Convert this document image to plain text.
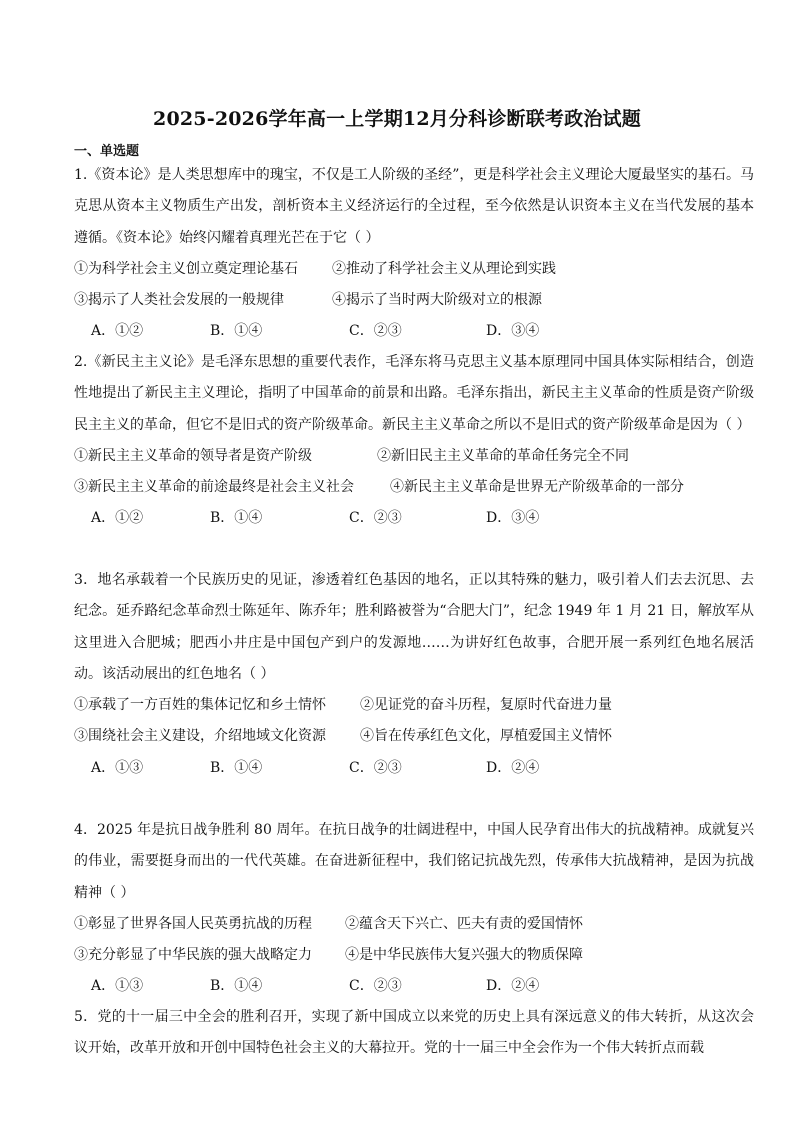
2025-2026学年高一上学期12月分科诊断联考政治试题
一、单选题

1.《资本论》是人类思想库中的瑰宝，不仅是工人阶级的圣经”，更是科学社会主义理论大厦最坚实的基石。马克思从资本主义物质生产出发，剖析资本主义经济运行的全过程，至今依然是认识资本主义在当代发展的基本遵循。《资本论》始终闪耀着真理光芒在于它（ ）

①为科学社会主义创立奠定理论基石 ②推动了科学社会主义从理论到实践
③揭示了人类社会发展的一般规律	④揭示了当时两大阶级对立的根源
A．①②	B．①④	C．②③	D．③④

2.《新民主主义论》是毛泽东思想的重要代表作，毛泽东将马克思主义基本原理同中国具体实际相结合，创造性地提出了新民主主义理论，指明了中国革命的前景和出路。毛泽东指出，新民主主义革命的性质是资产阶级民主主义的革命，但它不是旧式的资产阶级革命。新民主主义革命之所以不是旧式的资产阶级革命是因为（ ）

①新民主主义革命的领导者是资产阶级	②新旧民主主义革命的革命任务完全不同
③新民主主义革命的前途最终是社会主义社会	④新民主主义革命是世界无产阶级革命的一部分
A．①②	B．①④	C．②③	D．③④

3．地名承载着一个民族历史的见证，渗透着红色基因的地名，正以其特殊的魅力，吸引着人们去去沉思、去纪念。延乔路纪念革命烈士陈延年、陈乔年；胜利路被誉为“合肥大门”，纪念 1949 年 1 月 21 日，解放军从这里进入合肥城；肥西小井庄是中国包产到户的发源地……为讲好红色故事，合肥开展一系列红色地名展活动。该活动展出的红色地名（ ）

①承载了一方百姓的集体记忆和乡土情怀 ②见证党的奋斗历程，复原时代奋进力量
③围绕社会主义建设，介绍地域文化资源 ④旨在传承红色文化，厚植爱国主义情怀
A．①③	B．①④	C．②③	D．②④

4．2025 年是抗日战争胜利 80 周年。在抗日战争的壮阔进程中，中国人民孕育出伟大的抗战精神。成就复兴的伟业，需要挺身而出的一代代英雄。在奋进新征程中，我们铭记抗战先烈，传承伟大抗战精神，是因为抗战精神（ ）

①彰显了世界各国人民英勇抗战的历程 ②蕴含天下兴亡、匹夫有责的爱国情怀
③充分彰显了中华民族的强大战略定力 ④是中华民族伟大复兴强大的物质保障
A．①③	B．①④	C．②③	D．②④

5．党的十一届三中全会的胜利召开，实现了新中国成立以来党的历史上具有深远意义的伟大转折，从这次会议开始，改革开放和开创中国特色社会主义的大幕拉开。党的十一届三中全会作为一个伟大转折点而载
